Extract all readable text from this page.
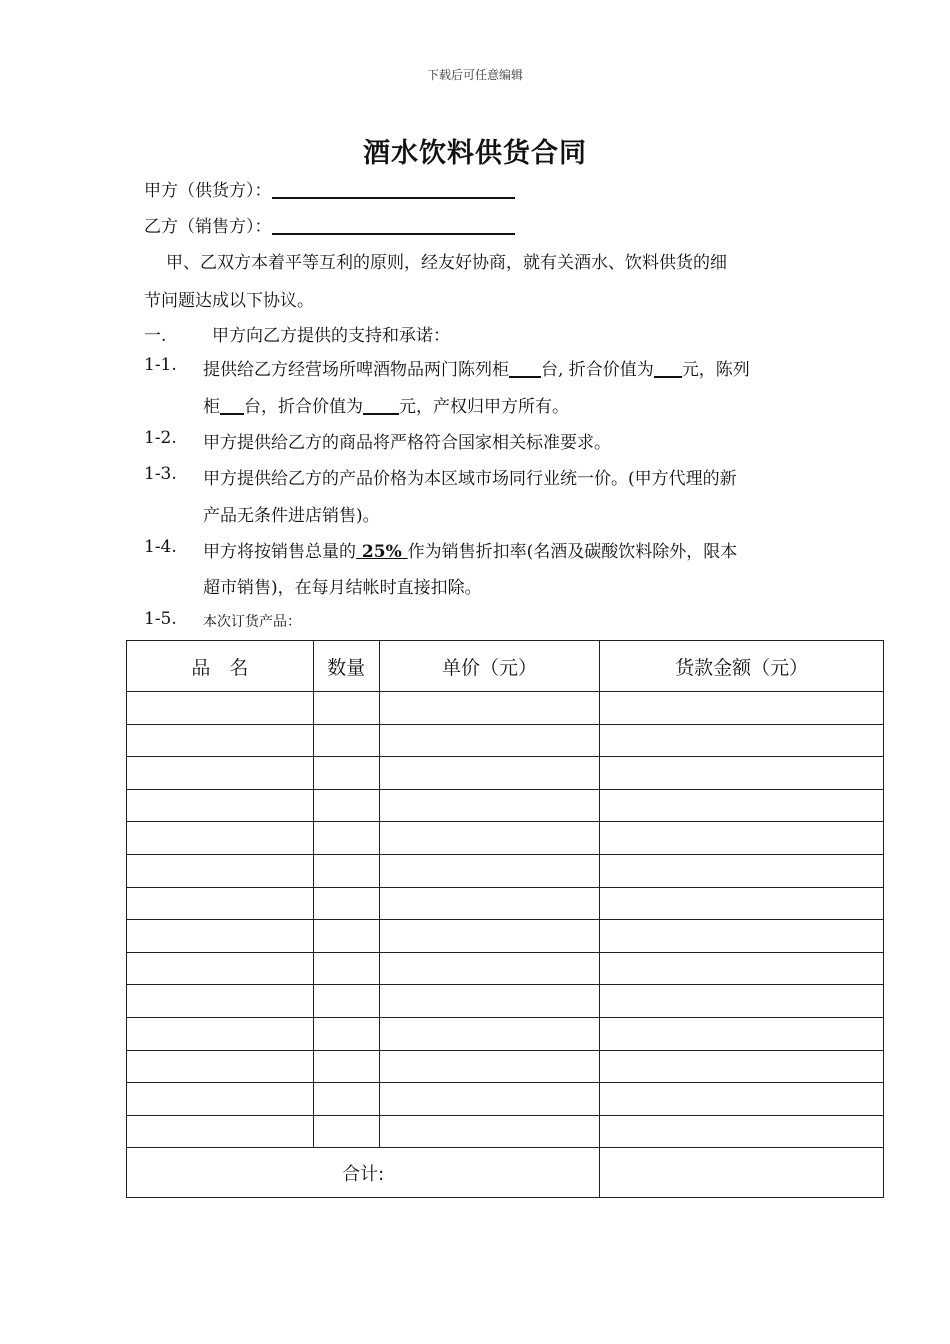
下载后可任意编辑
酒水饮料供货合同
甲方（供货方）：
乙方（销售方）：
甲、乙双方本着平等互利的原则，经友好协商，就有关酒水、饮料供货的细
节问题达成以下协议。
一.	甲方向乙方提供的支持和承诺：
1-1. 提供给乙方经营场所啤酒物品两门陈列柜 台, 折合价值为 元，陈列
柜 台，折合价值为 元，产权归甲方所有。
1-2. 甲方提供给乙方的商品将严格符合国家相关标准要求。
1-3. 甲方提供给乙方的产品价格为本区域市场同行业统一价。(甲方代理的新
产品无条件进店销售)。
1-4. 甲方将按销售总量的 25% 作为销售折扣率(名酒及碳酸饮料除外，限本
超市销售)，在每月结帐时直接扣除。
1-5. 本次订货产品：
品　名	数量	单价（元）	货款金额（元）

合计:			
